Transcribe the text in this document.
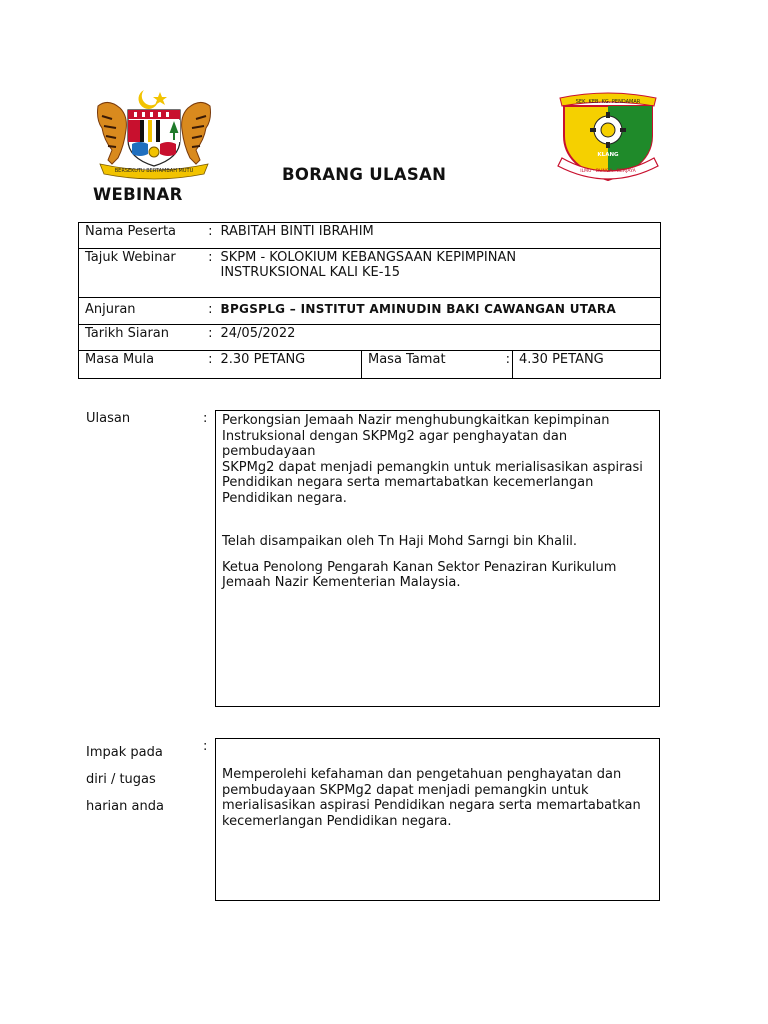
BERSEKUTU BERTAMBAH MUTU
SEK. KEB. KG. PENDAMAR
KLANG
ILMU · BUNGA · BERJAYA
BORANG ULASAN
WEBINAR
Nama Peserta	:	RABITAH BINTI IBRAHIM			
Tajuk Webinar	:	SKPM - KOLOKIUM KEBANGSAAN KEPIMPINAN
INSTRUKSIONAL KALI KE-15			

Anjuran	:	BPGSPLG – INSTITUT AMINUDIN BAKI CAWANGAN UTARA			
Tarikh Siaran	:	24/05/2022			
Masa Mula	:	2.30 PETANG	Masa Tamat	:	4.30 PETANG
Ulasan	: Perkongsian Jemaah Nazir menghubungkaitkan kepimpinan
Instruksional dengan SKPMg2 agar penghayatan dan pembudayaan
SKPMg2 dapat menjadi pemangkin untuk merialisasikan aspirasi
Pendidikan negara serta memartabatkan kecemerlangan
Pendidikan negara.

Telah disampaikan oleh Tn Haji Mohd Sarngi bin Khalil.

Ketua Penolong Pengarah Kanan Sektor Penaziran Kurikulum
Jemaah Nazir Kementerian Malaysia.

Impak pada
diri / tugas
harian anda
:

Memperolehi kefahaman dan pengetahuan penghayatan dan
pembudayaan SKPMg2 dapat menjadi pemangkin untuk
merialisasikan aspirasi Pendidikan negara serta memartabatkan
kecemerlangan Pendidikan negara.
